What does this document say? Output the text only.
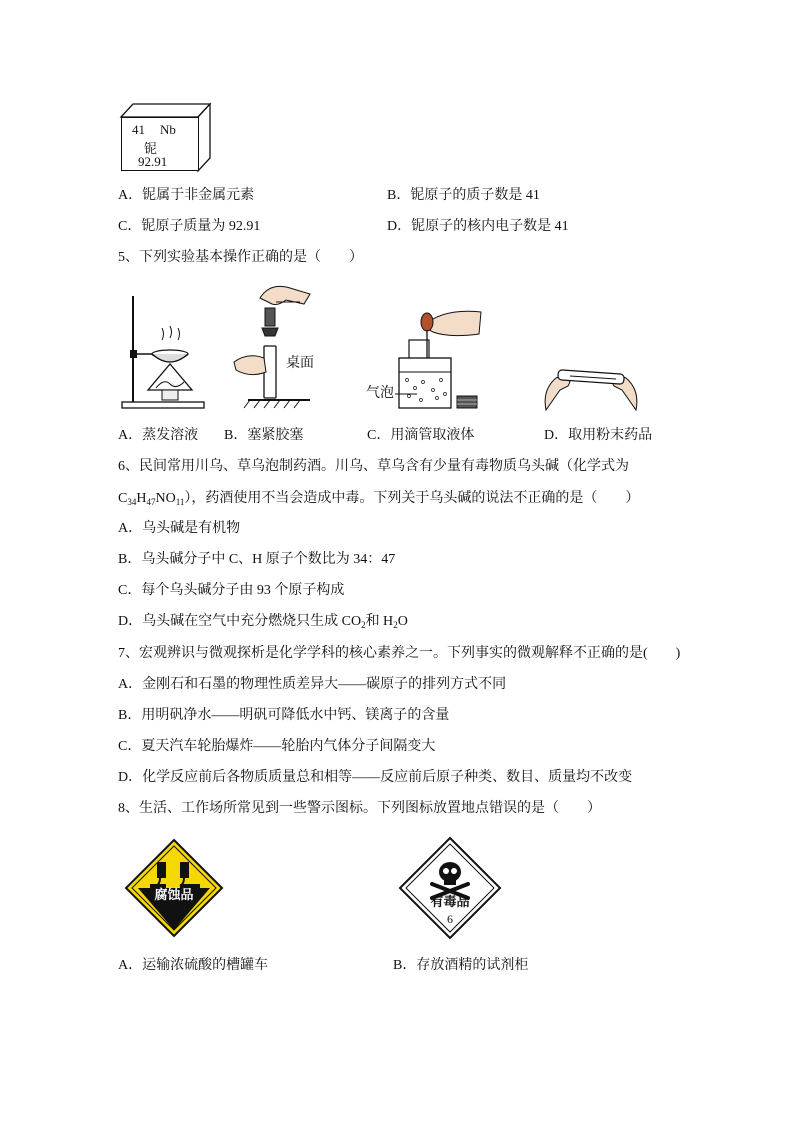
41 Nb
铌
92.91
A．铌属于非金属元素	B．铌原子的质子数是 41
C．铌原子质量为 92.91	D．铌原子的核内电子数是 41
5、下列实验基本操作正确的是（　　）
桌面
气泡
A．蒸发溶液 B．塞紧胶塞	C．用滴管取液体	D．取用粉末药品
6、民间常用川乌、草乌泡制药酒。川乌、草乌含有少量有毒物质乌头碱（化学式为
$C_{34}H_{47}NO_{11}$），药酒使用不当会造成中毒。下列关于乌头碱的说法不正确的是（　　）
A．乌头碱是有机物
B．乌头碱分子中 C、H 原子个数比为 34：47
C．每个乌头碱分子由 93 个原子构成
D．乌头碱在空气中充分燃烧只生成 $CO_2$和 $H_2O$
7、宏观辨识与微观探析是化学学科的核心素养之一。下列事实的微观解释不正确的是(　　)
A．金刚石和石墨的物理性质差异大——碳原子的排列方式不同
B．用明矾净水——明矾可降低水中钙、镁离子的含量
C．夏天汽车轮胎爆炸——轮胎内气体分子间隔变大
D．化学反应前后各物质质量总和相等——反应前后原子种类、数目、质量均不改变
8、生活、工作场所常见到一些警示图标。下列图标放置地点错误的是（　　）
腐蚀品	有毒品
6
A．运输浓硫酸的槽罐车	B．存放酒精的试剂柜
